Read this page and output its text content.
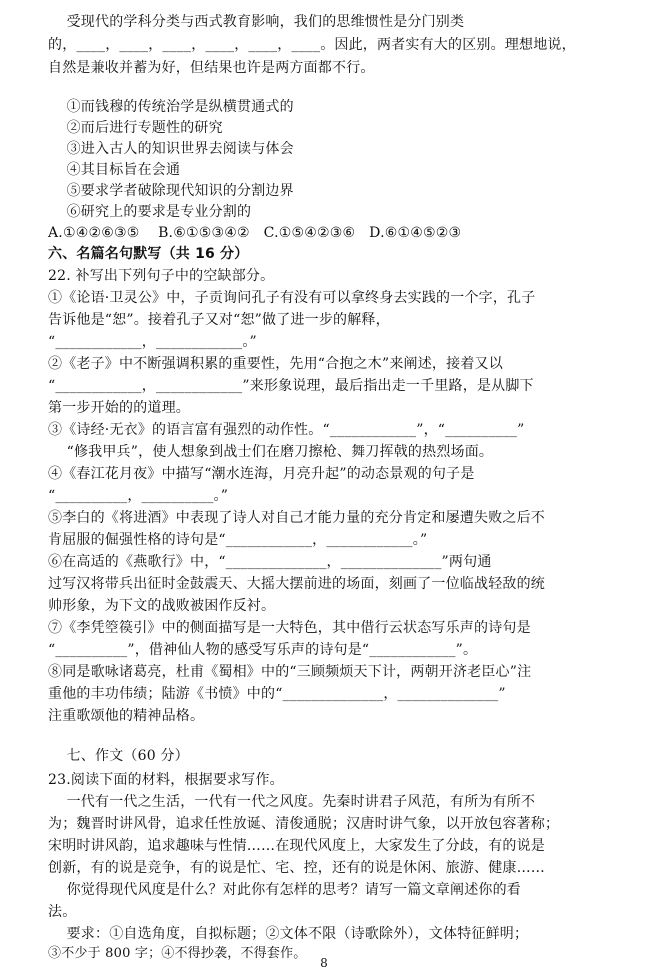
受现代的学科分类与西式教育影响，我们的思维惯性是分门别类
的，____，____，____，____，____，____。因此，两者实有大的区别。理想地说，
自然是兼收并蓄为好，但结果也许是两方面都不行。
①而钱穆的传统治学是纵横贯通式的
②而后进行专题性的研究
③进入古人的知识世界去阅读与体会
④其目标旨在会通
⑤要求学者破除现代知识的分割边界
⑥研究上的要求是专业分割的
A.①④②⑥③⑤    B.⑥①⑤③④②   C.①⑤④②③⑥   D.⑥①④⑤②③
六、名篇名句默写（共 16 分）
22. 补写出下列句子中的空缺部分。
①《论语·卫灵公》中，子贡询问孔子有没有可以拿终身去实践的一个字，孔子
告诉他是“恕”。接着孔子又对“恕”做了进一步的解释，
“____________，____________。”
②《老子》中不断强调积累的重要性，先用“合抱之木”来阐述，接着又以
“____________，____________”来形象说理，最后指出走一千里路，是从脚下
第一步开始的的道理。
③《诗经·无衣》的语言富有强烈的动作性。“____________”，“__________”
“修我甲兵”，使人想象到战士们在磨刀擦枪、舞刀挥戟的热烈场面。
④《春江花月夜》中描写“潮水连海，月亮升起”的动态景观的句子是
“__________，__________。”
⑤李白的《将进酒》中表现了诗人对自己才能力量的充分肯定和屡遭失败之后不
肯屈服的倔强性格的诗句是“____________，____________。”
⑥在高适的《燕歌行》中，“______________，______________”两句通
过写汉将带兵出征时金鼓震天、大摇大摆前进的场面，刻画了一位临战轻敌的统
帅形象，为下文的战败被困作反衬。
⑦《李凭箜篌引》中的侧面描写是一大特色，其中借行云状态写乐声的诗句是
“__________”，借神仙人物的感受写乐声的诗句是“____________”。
⑧同是歌咏诸葛亮，杜甫《蜀相》中的“三顾频烦天下计，两朝开济老臣心”注
重他的丰功伟绩；陆游《书愤》中的“______________，______________”
注重歌颂他的精神品格。
七、作文（60 分）
23.阅读下面的材料，根据要求写作。
一代有一代之生活，一代有一代之风度。先秦时讲君子风范，有所为有所不
为；魏晋时讲风骨，追求任性放诞、清俊通脱；汉唐时讲气象，以开放包容著称；
宋明时讲风韵，追求趣味与性情……在现代风度上，大家发生了分歧，有的说是
创新，有的说是竞争，有的说是忙、宅、控，还有的说是休闲、旅游、健康……
你觉得现代风度是什么？对此你有怎样的思考？请写一篇文章阐述你的看
法。
要求：①自选角度，自拟标题；②文体不限（诗歌除外），文体特征鲜明；
③不少于 800 字；④不得抄袭，不得套作。
8
